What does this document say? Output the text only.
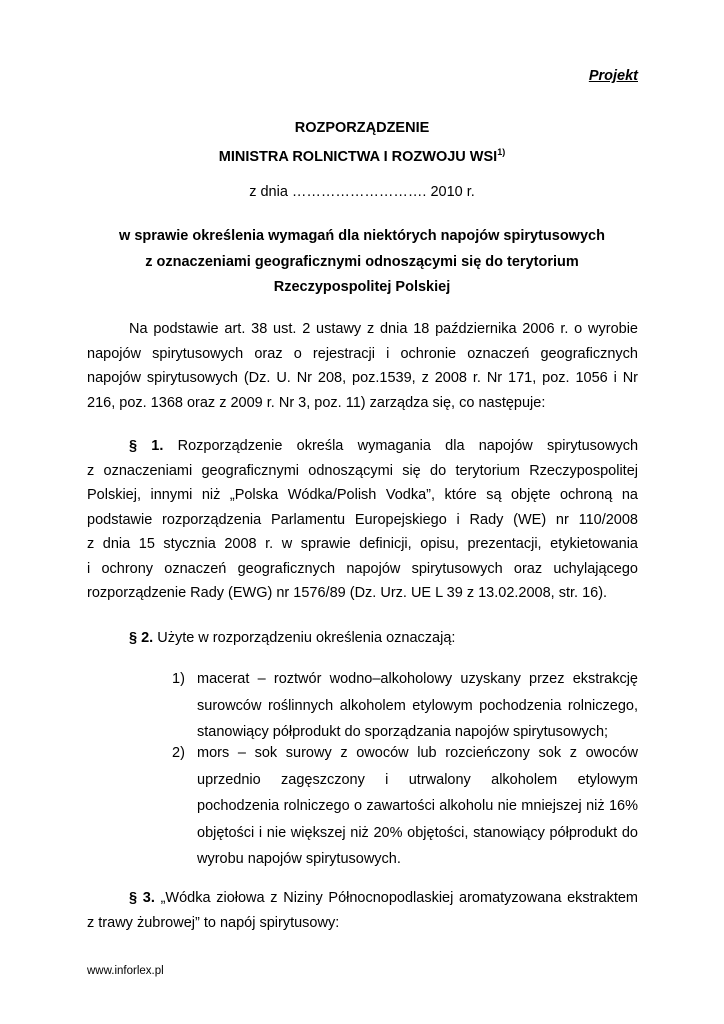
Projekt
ROZPORZĄDZENIE
MINISTRA ROLNICTWA I ROZWOJU WSI$^{1)}$
z dnia ………………………. 2010 r.
w sprawie określenia wymagań dla niektórych napojów spirytusowych
z oznaczeniami geograficznymi odnoszącymi się do terytorium
Rzeczypospolitej Polskiej
Na podstawie art. 38 ust. 2 ustawy z dnia 18 października 2006 r. o wyrobie
napojów spirytusowych oraz o rejestracji i ochronie oznaczeń geograficznych
napojów spirytusowych (Dz. U. Nr 208, poz.1539, z 2008 r. Nr 171, poz. 1056 i Nr
216, poz. 1368 oraz z 2009 r. Nr 3, poz. 11) zarządza się, co następuje:
§ 1. Rozporządzenie określa wymagania dla napojów spirytusowych
z oznaczeniami geograficznymi odnoszącymi się do terytorium Rzeczypospolitej
Polskiej, innymi niż „Polska Wódka/Polish Vodka”, które są objęte ochroną na
podstawie rozporządzenia Parlamentu Europejskiego i Rady (WE) nr 110/2008
z dnia 15 stycznia 2008 r. w sprawie definicji, opisu, prezentacji, etykietowania
i ochrony oznaczeń geograficznych napojów spirytusowych oraz uchylającego
rozporządzenie Rady (EWG) nr 1576/89 (Dz. Urz. UE L 39 z 13.02.2008, str. 16).
§ 2. Użyte w rozporządzeniu określenia oznaczają:
1) macerat – roztwór wodno–alkoholowy uzyskany przez ekstrakcję
surowców roślinnych alkoholem etylowym pochodzenia rolniczego,
stanowiący półprodukt do sporządzania napojów spirytusowych;
2) mors – sok surowy z owoców lub rozcieńczony sok z owoców
uprzednio zagęszczony i utrwalony alkoholem etylowym
pochodzenia rolniczego o zawartości alkoholu nie mniejszej niż 16%
objętości i nie większej niż 20% objętości, stanowiący półprodukt do
wyrobu napojów spirytusowych.
§ 3. „Wódka ziołowa z Niziny Północnopodlaskiej aromatyzowana ekstraktem
z trawy żubrowej” to napój spirytusowy:
www.inforlex.pl
